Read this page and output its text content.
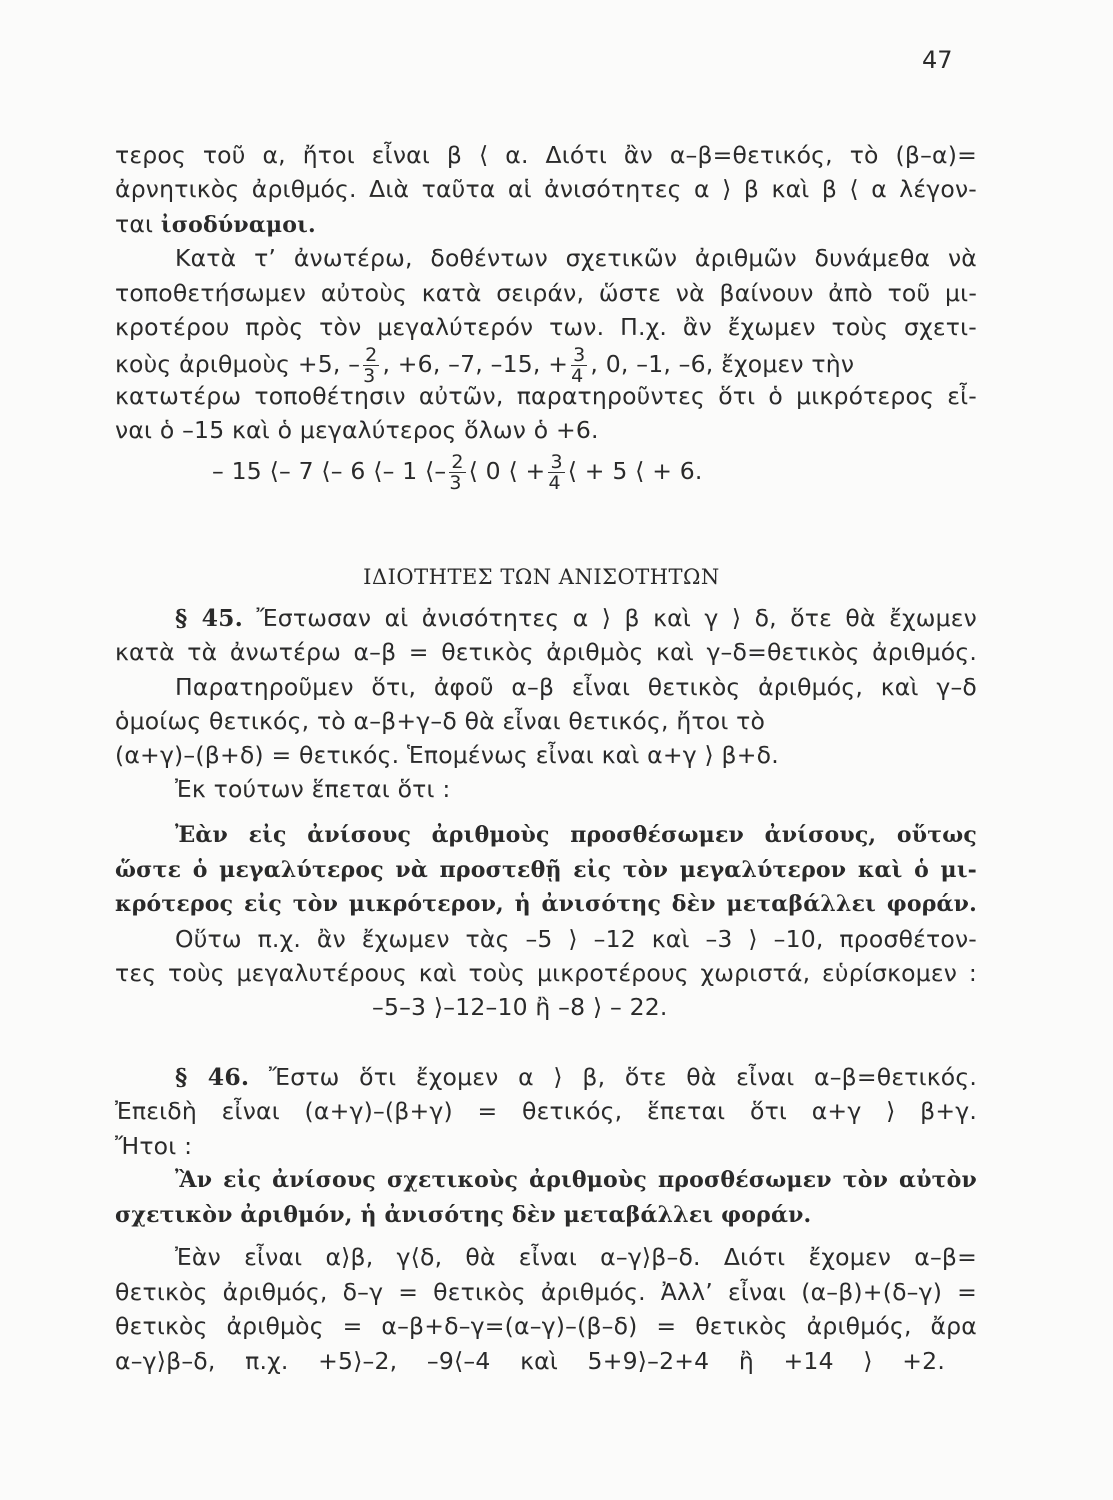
47
τερος τοῦ α, ἤτοι εἶναι β ⟨ α. Διότι ἂν α–β=θετικός, τὸ (β–α)=
ἀρνητικὸς ἀριθμός. Διὰ ταῦτα αἱ ἀνισότητες α ⟩ β καὶ β ⟨ α λέγον-
ται ἰσοδύναμοι.
Κατὰ τ’ ἀνωτέρω, δοθέντων σχετικῶν ἀριθμῶν δυνάμεθα νὰ
τοποθετήσωμεν αὐτοὺς κατὰ σειράν, ὥστε νὰ βαίνουν ἀπὸ τοῦ μι-
κροτέρου πρὸς τὸν μεγαλύτερόν των. Π.χ. ἂν ἔχωμεν τοὺς σχετι-
κοὺς ἀριθμοὺς +5, – $\frac{2}{3}$ , +6, –7, –15, + $\frac{3}{4}$ , 0, –1, –6, ἔχομεν τὴν
κατωτέρω τοποθέτησιν αὐτῶν, παρατηροῦντες ὅτι ὁ μικρότερος εἶ-
ναι ὁ –15 καὶ ὁ μεγαλύτερος ὅλων ὁ +6.
– 15 ⟨– 7 ⟨– 6 ⟨– 1 ⟨– $\frac{2}{3}$ ⟨ 0 ⟨ + $\frac{3}{4}$ ⟨ + 5 ⟨ + 6.
ΙΔΙΟΤΗΤΕΣ ΤΩΝ ΑΝΙΣΟΤΗΤΩΝ
§ 45. Ἔστωσαν αἱ ἀνισότητες α ⟩ β καὶ γ ⟩ δ, ὅτε θὰ ἔχωμεν
κατὰ τὰ ἀνωτέρω α–β = θετικὸς ἀριθμὸς καὶ γ–δ=θετικὸς ἀριθμός.
Παρατηροῦμεν ὅτι, ἀφοῦ α–β εἶναι θετικὸς ἀριθμός, καὶ γ–δ
ὁμοίως θετικός, τὸ α–β+γ–δ θὰ εἶναι θετικός, ἤτοι τὸ
(α+γ)–(β+δ) = θετικός. Ἑπομένως εἶναι καὶ α+γ ⟩ β+δ.
Ἐκ τούτων ἕπεται ὅτι :
Ἐὰν εἰς ἀνίσους ἀριθμοὺς προσθέσωμεν ἀνίσους, οὕτως
ὥστε ὁ μεγαλύτερος νὰ προστεθῇ εἰς τὸν μεγαλύτερον καὶ ὁ μι-
κρότερος εἰς τὸν μικρότερον, ἡ ἀνισότης δὲν μεταβάλλει φοράν.
Οὕτω π.χ. ἂν ἔχωμεν τὰς –5 ⟩ –12 καὶ –3 ⟩ –10, προσθέτον-
τες τοὺς μεγαλυτέρους καὶ τοὺς μικροτέρους χωριστά, εὑρίσκομεν :
–5–3 ⟩–12–10 ἢ –8 ⟩ – 22.
§ 46. Ἔστω ὅτι ἔχομεν α ⟩ β, ὅτε θὰ εἶναι α–β=θετικός.
Ἐπειδὴ εἶναι (α+γ)–(β+γ) = θετικός, ἕπεται ὅτι α+γ ⟩ β+γ.
Ἤτοι :
Ἂν εἰς ἀνίσους σχετικοὺς ἀριθμοὺς προσθέσωμεν τὸν αὐτὸν
σχετικὸν ἀριθμόν, ἡ ἀνισότης δὲν μεταβάλλει φοράν.
Ἐὰν εἶναι α⟩β, γ⟨δ, θὰ εἶναι α–γ⟩β–δ. Διότι ἔχομεν α–β=
θετικὸς ἀριθμός, δ–γ = θετικὸς ἀριθμός. Ἀλλ’ εἶναι (α–β)+(δ–γ) =
θετικὸς ἀριθμὸς = α–β+δ–γ=(α–γ)–(β–δ) = θετικὸς ἀριθμός, ἄρα
α–γ⟩β–δ, π.χ. +5⟩–2, –9⟨–4 καὶ 5+9⟩–2+4 ἢ +14 ⟩ +2.
